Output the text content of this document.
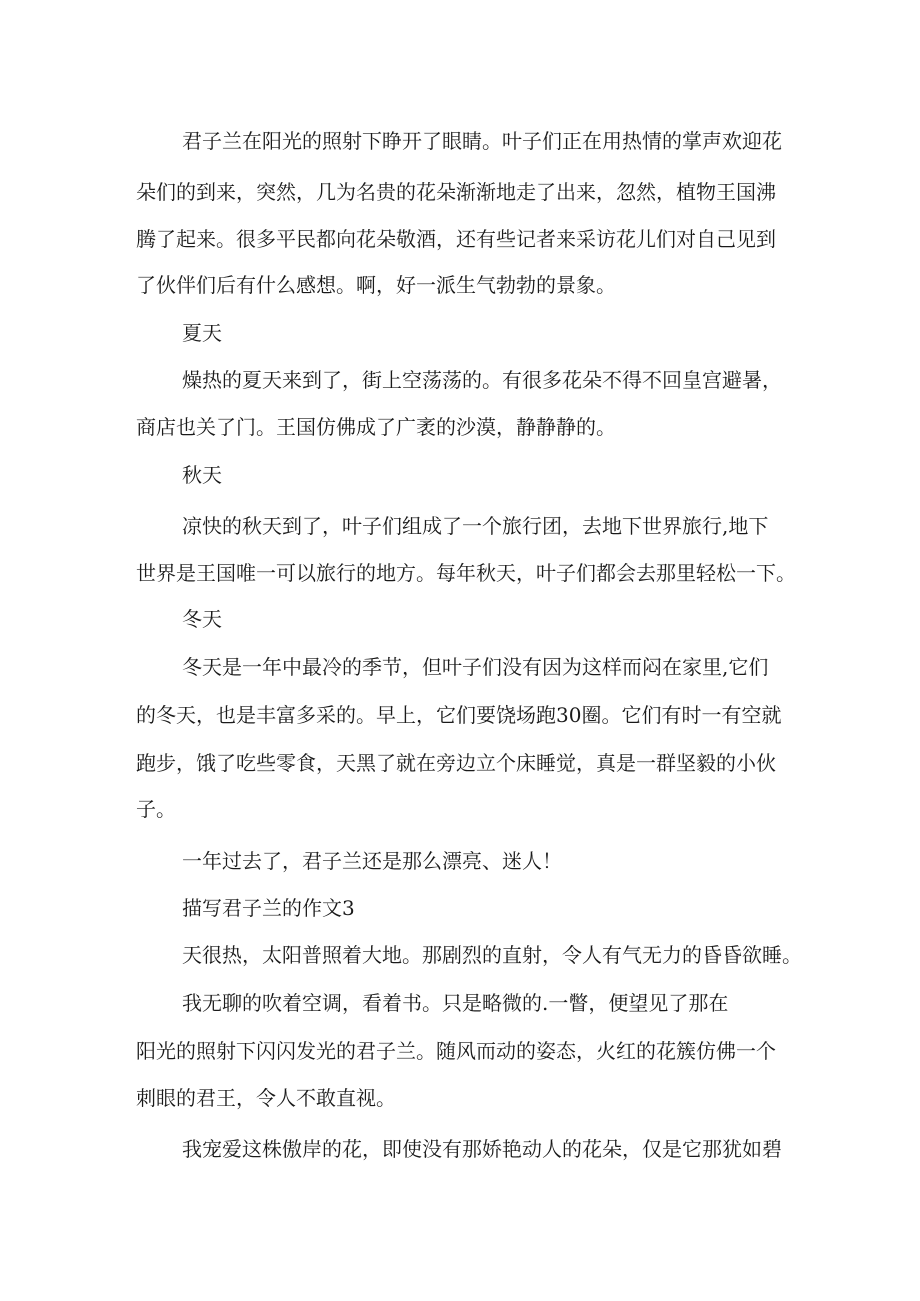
君子兰在阳光的照射下睁开了眼睛。叶子们正在用热情的掌声欢迎花

朵们的到来，突然，几为名贵的花朵渐渐地走了出来，忽然，植物王国沸

腾了起来。很多平民都向花朵敬酒，还有些记者来采访花儿们对自己见到

了伙伴们后有什么感想。啊，好一派生气勃勃的景象。

夏天

燥热的夏天来到了，街上空荡荡的。有很多花朵不得不回皇宫避暑，

商店也关了门。王国仿佛成了广袤的沙漠，静静静的。

秋天

凉快的秋天到了，叶子们组成了一个旅行团，去地下世界旅行,地下

世界是王国唯一可以旅行的地方。每年秋天，叶子们都会去那里轻松一下。

冬天

冬天是一年中最冷的季节，但叶子们没有因为这样而闷在家里,它们

的冬天，也是丰富多采的。早上，它们要饶场跑30圈。它们有时一有空就

跑步，饿了吃些零食，天黑了就在旁边立个床睡觉，真是一群坚毅的小伙

子。

一年过去了，君子兰还是那么漂亮、迷人！

描写君子兰的作文3

天很热，太阳普照着大地。那剧烈的直射，令人有气无力的昏昏欲睡。

我无聊的吹着空调，看着书。只是略微的.一瞥，便望见了那在

阳光的照射下闪闪发光的君子兰。随风而动的姿态，火红的花簇仿佛一个

刺眼的君王，令人不敢直视。

我宠爱这株傲岸的花，即使没有那娇艳动人的花朵，仅是它那犹如碧
